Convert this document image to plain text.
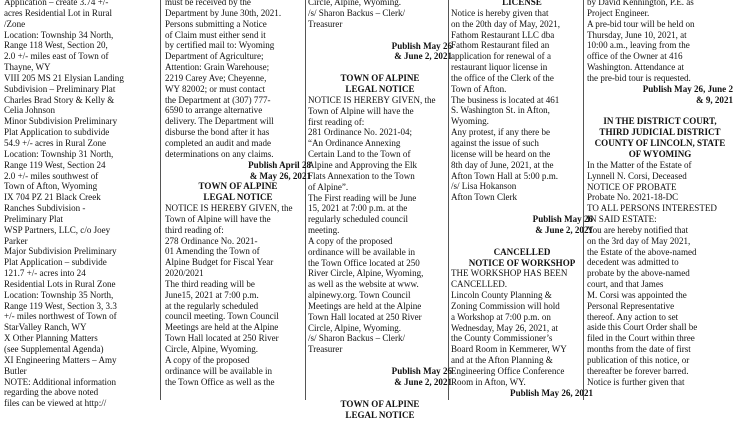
Application – create 3.74 +/-

acres Residential Lot in Rural

/Zone

Location: Township 34 North,

Range 118 West, Section 20,

2.0 +/- miles east of Town of

Thayne, WY

VIII 205 MS 21 Elysian Landing

Subdivision – Preliminary Plat

Charles Brad Story & Kelly &

Celia Johnson

Minor Subdivision Preliminary

Plat Application to subdivide

54.9 +/- acres in Rural Zone

Location: Township 31 North,

Range 119 West, Section 24

2.0 +/- miles southwest of

Town of Afton, Wyoming

IX 704 PZ 21 Black Creek

Ranches Subdivision -

Preliminary Plat

WSP Partners, LLC, c/o Joey

Parker

Major Subdivision Preliminary

Plat Application – subdivide

121.7 +/- acres into 24

Residential Lots in Rural Zone

Location: Township 35 North,

Range 119 West, Section 3, 3.3

+/- miles northwest of Town of

StarValley Ranch, WY

X Other Planning Matters

(see Supplemental Agenda)

XI Engineering Matters – Amy

Butler

NOTE: Additional information

regarding the above noted

files can be viewed at http://

must be received by the

Department by June 30th, 2021.

Persons submitting a Notice

of Claim must either send it

by certified mail to: Wyoming

Department of Agriculture;

Attention: Grain Warehouse;

2219 Carey Ave; Cheyenne,

WY 82002; or must contact

the Department at (307) 777-

6590 to arrange alternative

delivery. The Department will

disburse the bond after it has

completed an audit and made

determinations on any claims.

Publish April 28

& May 26, 2021

TOWN OF ALPINE

LEGAL NOTICE

NOTICE IS HEREBY GIVEN, the

Town of Alpine will have the

third reading of:

278 Ordinance No. 2021-

01 Amending the Town of

Alpine Budget for Fiscal Year

2020/2021

The third reading will be

June15, 2021 at 7:00 p.m.

at the regularly scheduled

council meeting. Town Council

Meetings are held at the Alpine

Town Hall located at 250 River

Circle, Alpine, Wyoming.

A copy of the proposed

ordinance will be available in

the Town Office as well as the

Circle, Alpine, Wyoming.

/s/ Sharon Backus – Clerk/

Treasurer

Publish May 26

& June 2, 2021

TOWN OF ALPINE

LEGAL NOTICE

NOTICE IS HEREBY GIVEN, the

Town of Alpine will have the

first reading of:

281 Ordinance No. 2021-04;

“An Ordinance Annexing

Certain Land to the Town of

Alpine and Approving the Elk

Flats Annexation to the Town

of Alpine”.

The First reading will be June

15, 2021 at 7:00 p.m. at the

regularly scheduled council

meeting.

A copy of the proposed

ordinance will be available in

the Town Office located at 250

River Circle, Alpine, Wyoming,

as well as the website at www.

alpinewy.org. Town Council

Meetings are held at the Alpine

Town Hall located at 250 River

Circle, Alpine, Wyoming.

/s/ Sharon Backus – Clerk/

Treasurer

Publish May 26

& June 2, 2021

TOWN OF ALPINE

LEGAL NOTICE

LICENSE

Notice is hereby given that

on the 20th day of May, 2021,

Fathom Restaurant LLC dba

Fathom Restaurant filed an

application for renewal of a

restaurant liquor license in

the office of the Clerk of the

Town of Afton.

The business is located at 461

S. Washington St. in Afton,

Wyoming.

Any protest, if any there be

against the issue of such

license will be heard on the

8th day of June, 2021, at the

Afton Town Hall at 5:00 p.m.

/s/ Lisa Hokanson

Afton Town Clerk

Publish May 26

& June 2, 2021

CANCELLED

NOTICE OF WORKSHOP

THE WORKSHOP HAS BEEN

CANCELLED.

Lincoln County Planning &

Zoning Commission will hold

a Workshop at 7:00 p.m. on

Wednesday, May 26, 2021, at

the County Commissioner’s

Board Room in Kemmerer, WY

and at the Afton Planning &

Engineering Office Conference

Room in Afton, WY.

Publish May 26, 2021

by David Kennington, P.E. as

Project Engineer.

A pre-bid tour will be held on

Thursday, June 10, 2021, at

10:00 a.m., leaving from the

office of the Owner at 416

Washington. Attendance at

the pre-bid tour is requested.

Publish May 26, June 2

& 9, 2021

IN THE DISTRICT COURT,

THIRD JUDICIAL DISTRICT

COUNTY OF LINCOLN, STATE

OF WYOMING

In the Matter of the Estate of

Lynnell N. Corsi, Deceased

NOTICE OF PROBATE

Probate No. 2021-18-DC

TO ALL PERSONS INTERESTED

IN SAID ESTATE:

You are hereby notified that

on the 3rd day of May 2021,

the Estate of the above-named

decedent was admitted to

probate by the above-named

court, and that James

M. Corsi was appointed the

Personal Representative

thereof. Any action to set

aside this Court Order shall be

filed in the Court within three

months from the date of first

publication of this notice, or

thereafter be forever barred.

Notice is further given that
